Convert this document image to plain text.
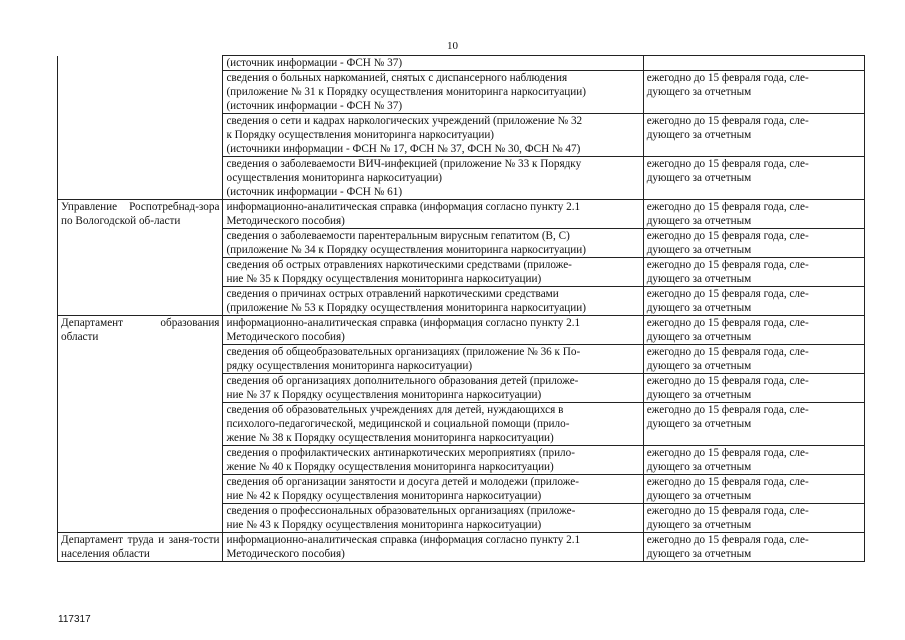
10

	(источник информации - ФСН № 37)	

	сведения о больных наркоманией, снятых с диспансерного наблюдения
(приложение № 31 к Порядку осуществления мониторинга наркоситуации)
(источник информации - ФСН № 37)	ежегодно до 15 февраля года, сле-
дующего за отчетным

	сведения о сети и кадрах наркологических учреждений (приложение № 32
к Порядку осуществления мониторинга наркоситуации)
(источники информации - ФСН № 17, ФСН № 37, ФСН № 30, ФСН № 47)	ежегодно до 15 февраля года, сле-
дующего за отчетным

	сведения о заболеваемости ВИЧ-инфекцией (приложение № 33 к Порядку
осуществления мониторинга наркоситуации)
(источник информации - ФСН № 61)	ежегодно до 15 февраля года, сле-
дующего за отчетным

Управление Роспотребнад-зора по Вологодской об-ласти	информационно-аналитическая справка (информация согласно пункту 2.1
Методического пособия)	ежегодно до 15 февраля года, сле-
дующего за отчетным

	сведения о заболеваемости парентеральным вирусным гепатитом (В, С)
(приложение № 34 к Порядку осуществления мониторинга наркоситуации)	ежегодно до 15 февраля года, сле-
дующего за отчетным

	сведения об острых отравлениях наркотическими средствами (приложе-
ние № 35 к Порядку осуществления мониторинга наркоситуации)	ежегодно до 15 февраля года, сле-
дующего за отчетным

	сведения о причинах острых отравлений наркотическими средствами
(приложение № 53 к Порядку осуществления мониторинга наркоситуации)	ежегодно до 15 февраля года, сле-
дующего за отчетным

Департамент образования области	информационно-аналитическая справка (информация согласно пункту 2.1
Методического пособия)	ежегодно до 15 февраля года, сле-
дующего за отчетным

	сведения об общеобразовательных организациях (приложение № 36 к По-
рядку осуществления мониторинга наркоситуации)	ежегодно до 15 февраля года, сле-
дующего за отчетным

	сведения об организациях дополнительного образования детей (приложе-
ние № 37 к Порядку осуществления мониторинга наркоситуации)	ежегодно до 15 февраля года, сле-
дующего за отчетным

	сведения об образовательных учреждениях для детей, нуждающихся в
психолого-педагогической, медицинской и социальной помощи (прило-
жение № 38 к Порядку осуществления мониторинга наркоситуации)	ежегодно до 15 февраля года, сле-
дующего за отчетным

	сведения о профилактических антинаркотических мероприятиях (прило-
жение № 40 к Порядку осуществления мониторинга наркоситуации)	ежегодно до 15 февраля года, сле-
дующего за отчетным

	сведения об организации занятости и досуга детей и молодежи (приложе-
ние № 42 к Порядку осуществления мониторинга наркоситуации)	ежегодно до 15 февраля года, сле-
дующего за отчетным

	сведения о профессиональных образовательных организациях (приложе-
ние № 43 к Порядку осуществления мониторинга наркоситуации)	ежегодно до 15 февраля года, сле-
дующего за отчетным

Департамент труда и заня-тости населения области	информационно-аналитическая справка (информация согласно пункту 2.1
Методического пособия)	ежегодно до 15 февраля года, сле-
дующего за отчетным
117317
